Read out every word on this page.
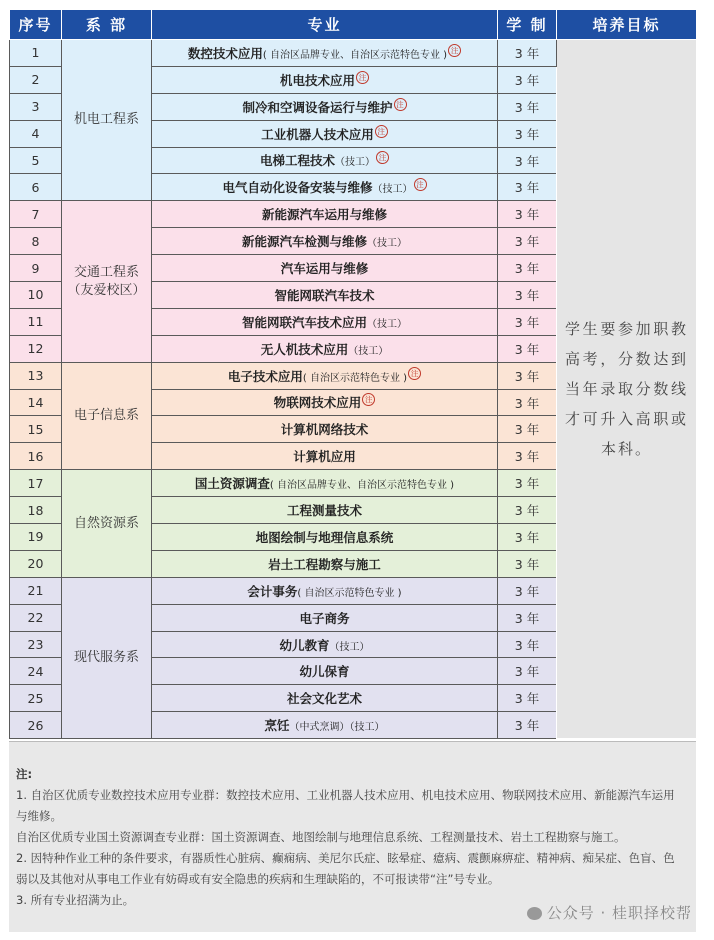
序号	系 部	专业	学 制	培养目标
1	机电工程系	数控技术应用( 自治区品牌专业、自治区示范特色专业 ) 注	3 年	学生要参加职教高考，分数达到当年录取分数线才可升入高职或本科。
2		机电技术应用 注	3 年	
3		制冷和空调设备运行与维护 注	3 年	
4		工业机器人技术应用 注	3 年	
5		电梯工程技术（技工） 注	3 年	
6		电气自动化设备安装与维修（技工） 注	3 年	
7	交通工程系（友爱校区）	新能源汽车运用与维修	3 年	
8		新能源汽车检测与维修（技工）	3 年	
9		汽车运用与维修	3 年	
10		智能网联汽车技术	3 年	
11		智能网联汽车技术应用（技工）	3 年	
12		无人机技术应用（技工）	3 年	
13	电子信息系	电子技术应用( 自治区示范特色专业 ) 注	3 年	
14		物联网技术应用 注	3 年	
15		计算机网络技术	3 年	
16		计算机应用	3 年	
17	自然资源系	国土资源调查( 自治区品牌专业、自治区示范特色专业 )	3 年	
18		工程测量技术	3 年	
19		地图绘制与地理信息系统	3 年	
20		岩土工程勘察与施工	3 年	
21	现代服务系	会计事务( 自治区示范特色专业 )	3 年	
22		电子商务	3 年	
23		幼儿教育（技工）	3 年	
24		幼儿保育	3 年	
25		社会文化艺术	3 年	
26		烹饪（中式烹调）（技工）	3 年	
注:
1. 自治区优质专业数控技术应用专业群：数控技术应用、工业机器人技术应用、机电技术应用、物联网技术应用、新能源汽车运用与维修。
自治区优质专业国土资源调查专业群：国土资源调查、地图绘制与地理信息系统、工程测量技术、岩土工程勘察与施工。
2. 因特种作业工种的条件要求，有器质性心脏病、癫痫病、美尼尔氏症、眩晕症、癔病、震颤麻痹症、精神病、痴呆症、色盲、色弱以及其他对从事电工作业有妨碍或有安全隐患的疾病和生理缺陷的，不可报读带“注”号专业。
3. 所有专业招满为止。
公众号 · 桂职择校帮
